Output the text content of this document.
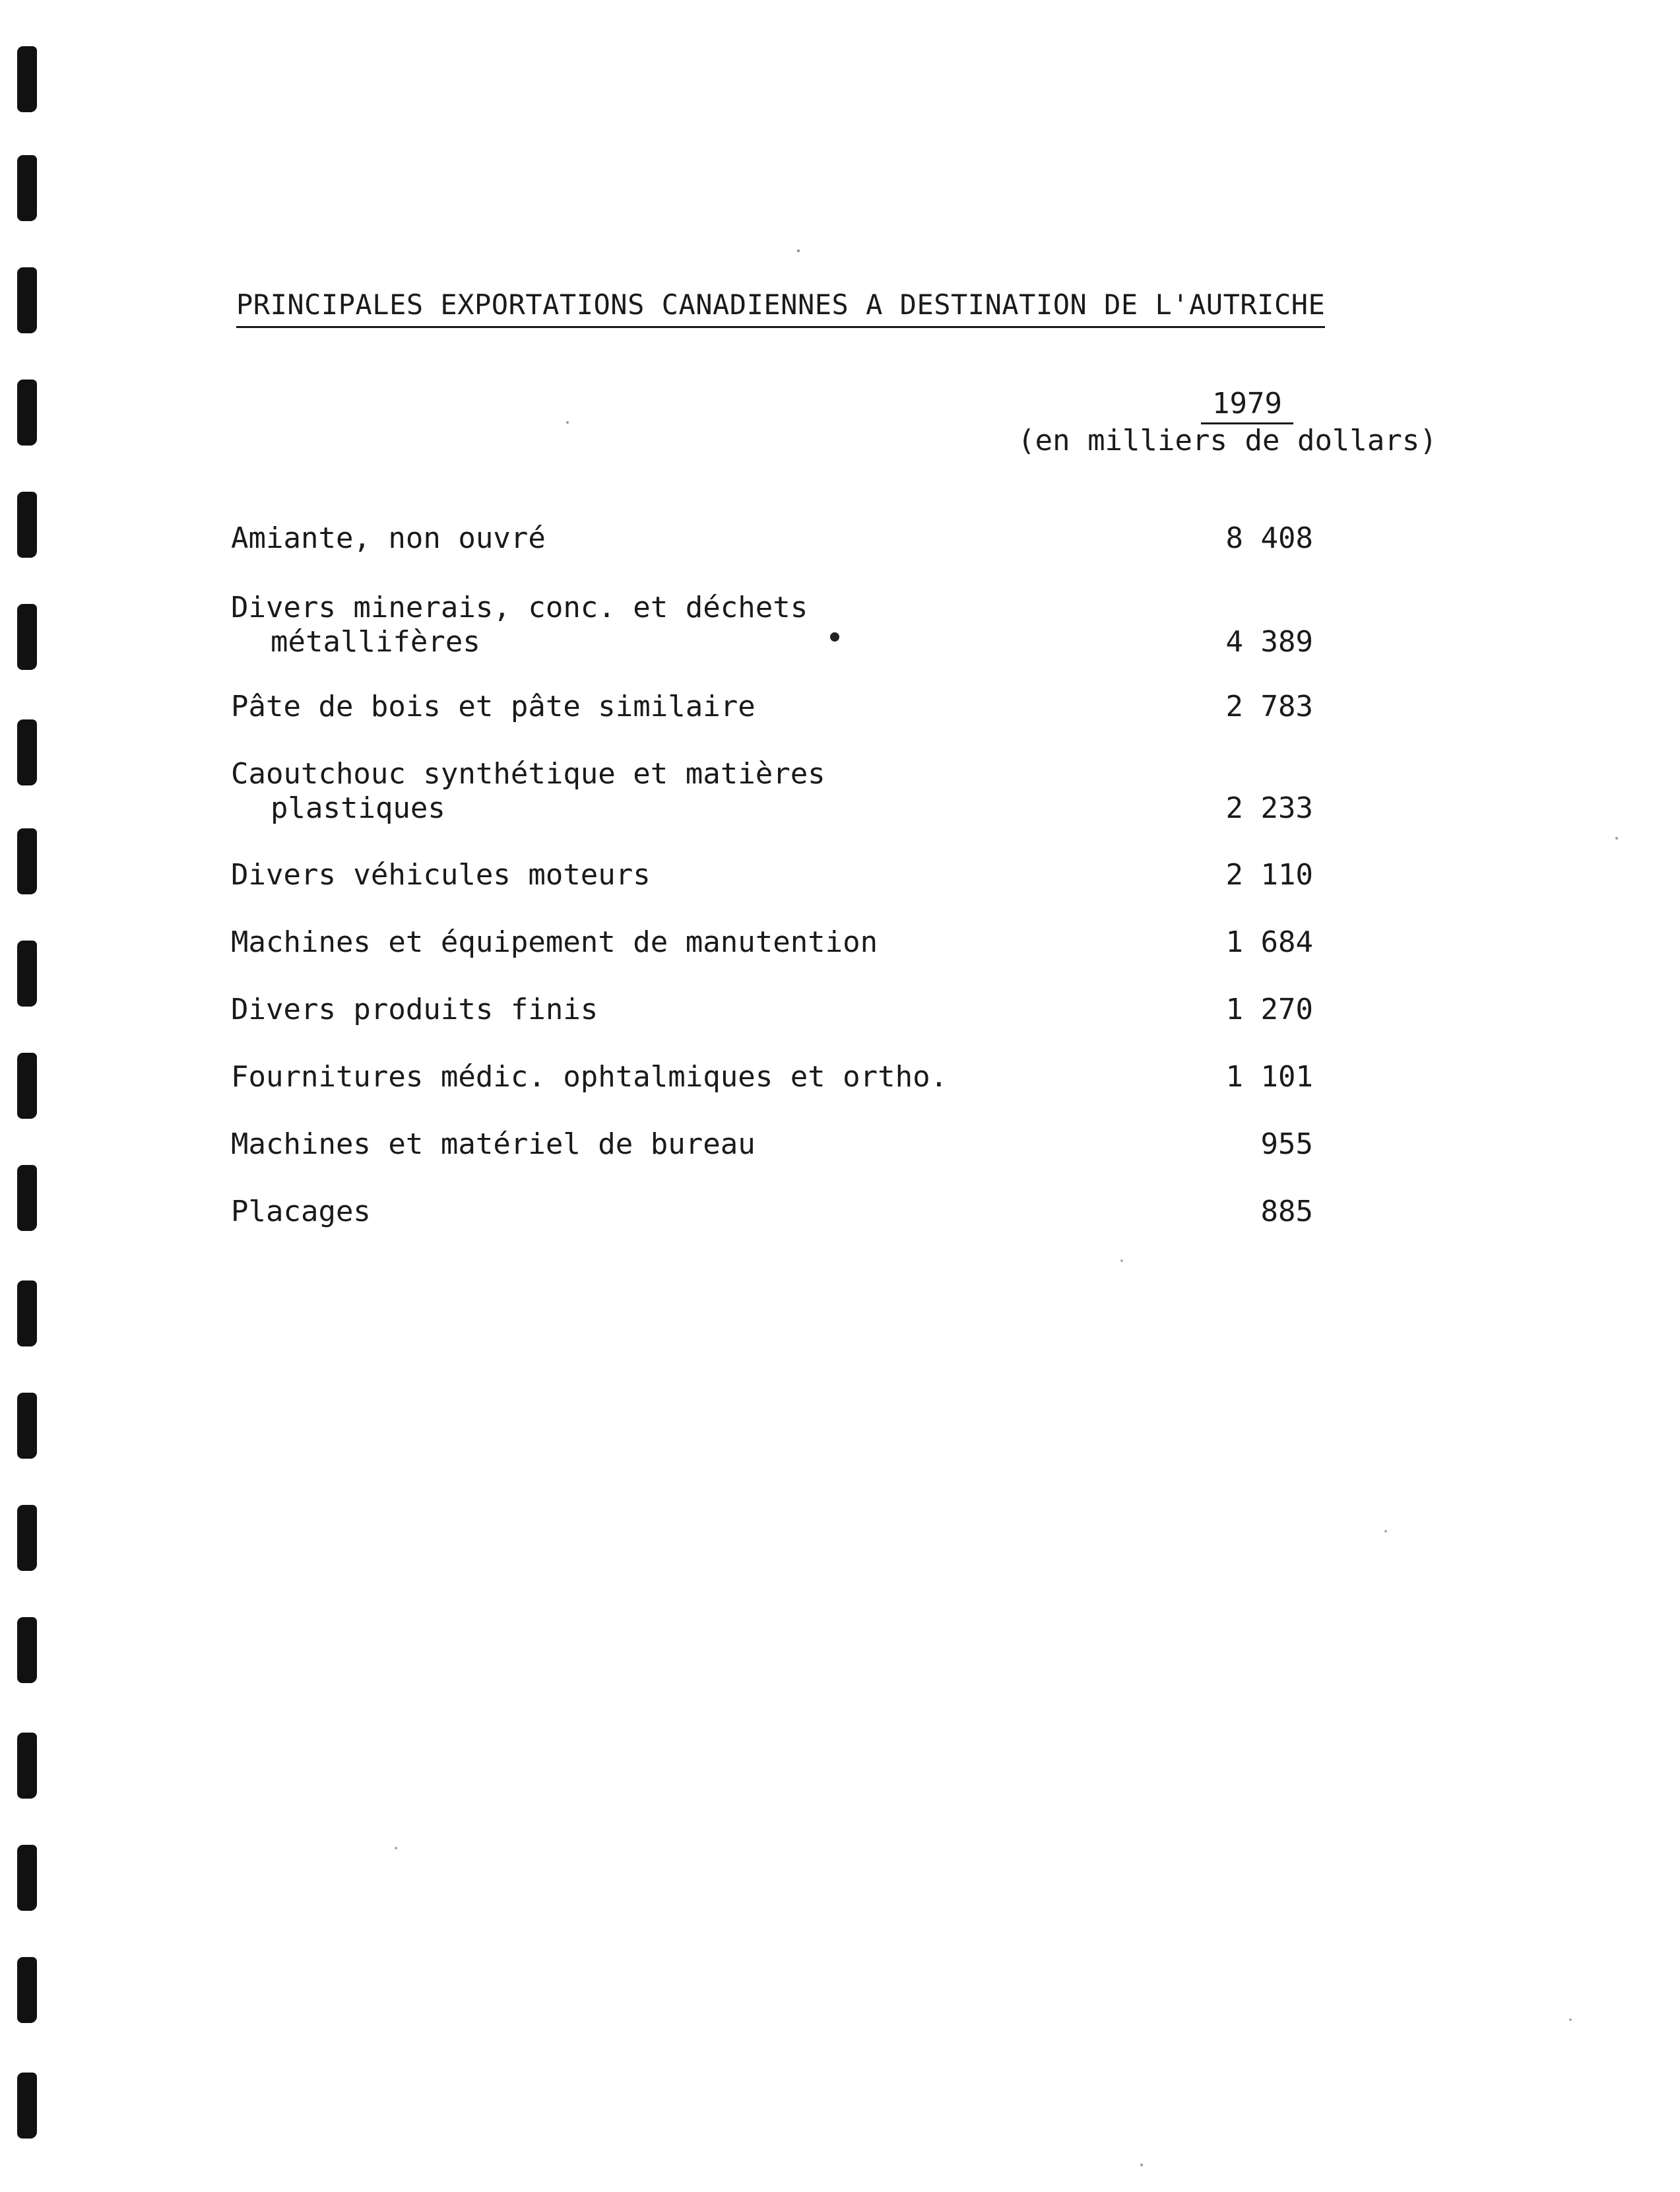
PRINCIPALES EXPORTATIONS CANADIENNES A DESTINATION DE L'AUTRICHE
1979
(en milliers de dollars)
Amiante, non ouvré	8 408
Divers minerais, conc. et déchets
métallifères	4 389
Pâte de bois et pâte similaire	2 783
Caoutchouc synthétique et matières
plastiques	2 233
Divers véhicules moteurs	2 110
Machines et équipement de manutention	1 684
Divers produits finis	1 270
Fournitures médic. ophtalmiques et ortho.	1 101
Machines et matériel de bureau	955
Placages	885
